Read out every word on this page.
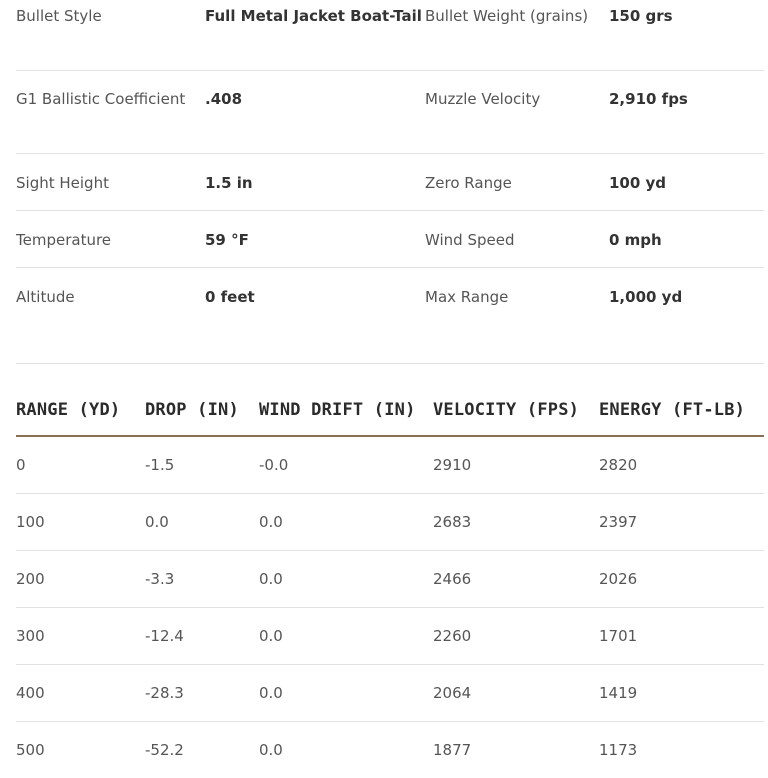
Bullet Style	Full Metal Jacket Boat-Tail	Bullet Weight (grains)	150 grs
G1 Ballistic Coefficient	.408	Muzzle Velocity	2,910 fps
Sight Height	1.5 in	Zero Range	100 yd
Temperature	59 °F	Wind Speed	0 mph
Altitude	0 feet	Max Range	1,000 yd
RANGE (YD)	DROP (IN)	WIND DRIFT (IN)	VELOCITY (FPS)	ENERGY (FT-LB)
0	-1.5	-0.0	2910	2820
100	0.0	0.0	2683	2397
200	-3.3	0.0	2466	2026
300	-12.4	0.0	2260	1701
400	-28.3	0.0	2064	1419
500	-52.2	0.0	1877	1173
